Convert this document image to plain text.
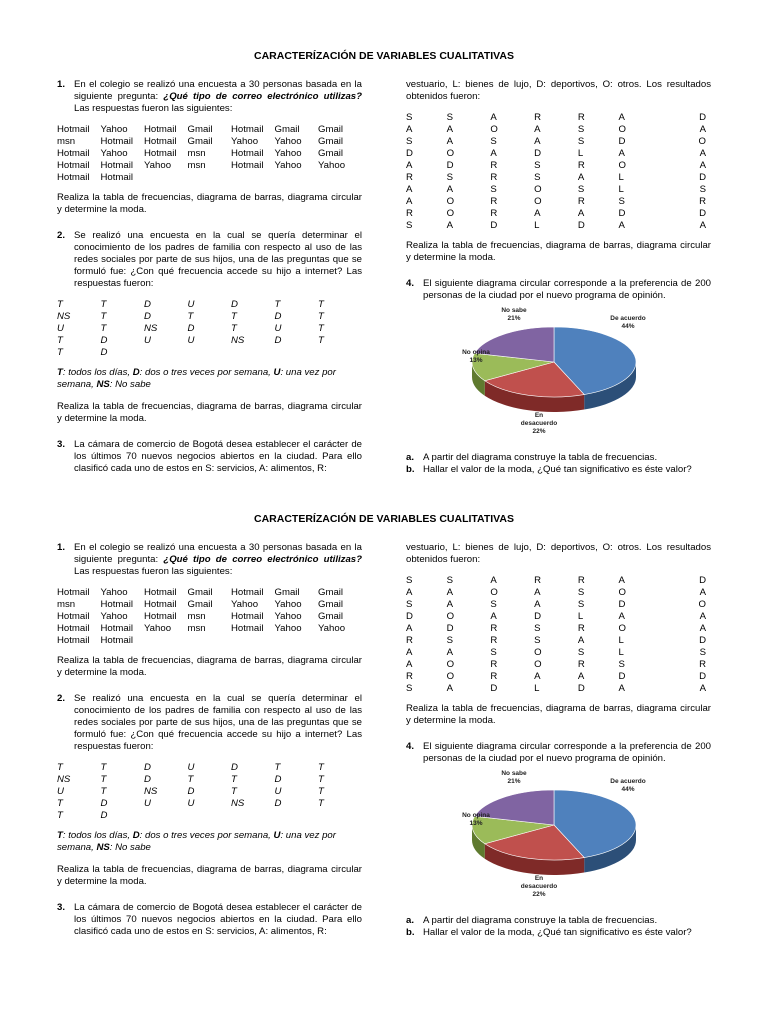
CARACTERÍZACIÓN DE VARIABLES CUALITATIVAS
1. En el colegio se realizó una encuesta a 30 personas basada en la siguiente pregunta: ¿Qué tipo de correo electrónico utilizas? Las respuestas fueron las siguientes:
Hotmail	Yahoo	Hotmail	Gmail	Hotmail	Gmail	Gmail
msn	Hotmail	Hotmail	Gmail	Yahoo	Yahoo	Gmail
Hotmail	Yahoo	Hotmail	msn	Hotmail	Yahoo	Gmail
Hotmail	Hotmail	Yahoo	msn	Hotmail	Yahoo	Yahoo
Hotmail	Hotmail					
Realiza la tabla de frecuencias, diagrama de barras, diagrama circular y determine la moda.
2. Se realizó una encuesta en la cual se quería determinar el conocimiento de los padres de familia con respecto al uso de las redes sociales por parte de sus hijos, una de las preguntas que se formuló fue: ¿Con qué frecuencia accede su hijo a internet? Las respuestas fueron:
T	T	D	U	D	T	T
NS	T	D	T	T	D	T
U	T	NS	D	T	U	T
T	D	U	U	NS	D	T
T	D					
T: todos los días, D: dos o tres veces por semana, U: una vez por semana, NS: No sabe
Realiza la tabla de frecuencias, diagrama de barras, diagrama circular y determine la moda.
3. La cámara de comercio de Bogotá desea establecer el carácter de los últimos 70 nuevos negocios abiertos en la ciudad. Para ello clasificó cada uno de estos en S: servicios, A: alimentos, R:
vestuario, L: bienes de lujo, D: deportivos, O: otros. Los resultados obtenidos fueron:
S	S	A	R	R	A	D
A	A	O	A	S	O	A
S	A	S	A	S	D	O
D	O	A	D	L	A	A
A	D	R	S	R	O	A
R	S	R	S	A	L	D
A	A	S	O	S	L	S
A	O	R	O	R	S	R
R	O	R	A	A	D	D
S	A	D	L	D	A	A
Realiza la tabla de frecuencias, diagrama de barras, diagrama circular y determine la moda.
4. El siguiente diagrama circular corresponde a la preferencia de 200 personas de la ciudad por el nuevo programa de opinión.
De acuerdo 44%
En desacuerdo 22%
No opina 13%
No sabe 21%
a. A partir del diagrama construye la tabla de frecuencias.
b. Hallar el valor de la moda, ¿Qué tan significativo es éste valor?
CARACTERÍZACIÓN DE VARIABLES CUALITATIVAS
1. En el colegio se realizó una encuesta a 30 personas basada en la siguiente pregunta: ¿Qué tipo de correo electrónico utilizas? Las respuestas fueron las siguientes:
Hotmail	Yahoo	Hotmail	Gmail	Hotmail	Gmail	Gmail
msn	Hotmail	Hotmail	Gmail	Yahoo	Yahoo	Gmail
Hotmail	Yahoo	Hotmail	msn	Hotmail	Yahoo	Gmail
Hotmail	Hotmail	Yahoo	msn	Hotmail	Yahoo	Yahoo
Hotmail	Hotmail					
Realiza la tabla de frecuencias, diagrama de barras, diagrama circular y determine la moda.
2. Se realizó una encuesta en la cual se quería determinar el conocimiento de los padres de familia con respecto al uso de las redes sociales por parte de sus hijos, una de las preguntas que se formuló fue: ¿Con qué frecuencia accede su hijo a internet? Las respuestas fueron:
T	T	D	U	D	T	T
NS	T	D	T	T	D	T
U	T	NS	D	T	U	T
T	D	U	U	NS	D	T
T	D					
T: todos los días, D: dos o tres veces por semana, U: una vez por semana, NS: No sabe
Realiza la tabla de frecuencias, diagrama de barras, diagrama circular y determine la moda.
3. La cámara de comercio de Bogotá desea establecer el carácter de los últimos 70 nuevos negocios abiertos en la ciudad. Para ello clasificó cada uno de estos en S: servicios, A: alimentos, R:
vestuario, L: bienes de lujo, D: deportivos, O: otros. Los resultados obtenidos fueron:
S	S	A	R	R	A	D
A	A	O	A	S	O	A
S	A	S	A	S	D	O
D	O	A	D	L	A	A
A	D	R	S	R	O	A
R	S	R	S	A	L	D
A	A	S	O	S	L	S
A	O	R	O	R	S	R
R	O	R	A	A	D	D
S	A	D	L	D	A	A
Realiza la tabla de frecuencias, diagrama de barras, diagrama circular y determine la moda.
4. El siguiente diagrama circular corresponde a la preferencia de 200 personas de la ciudad por el nuevo programa de opinión.
De acuerdo 44%
En desacuerdo 22%
No opina 13%
No sabe 21%
a. A partir del diagrama construye la tabla de frecuencias.
b. Hallar el valor de la moda, ¿Qué tan significativo es éste valor?
